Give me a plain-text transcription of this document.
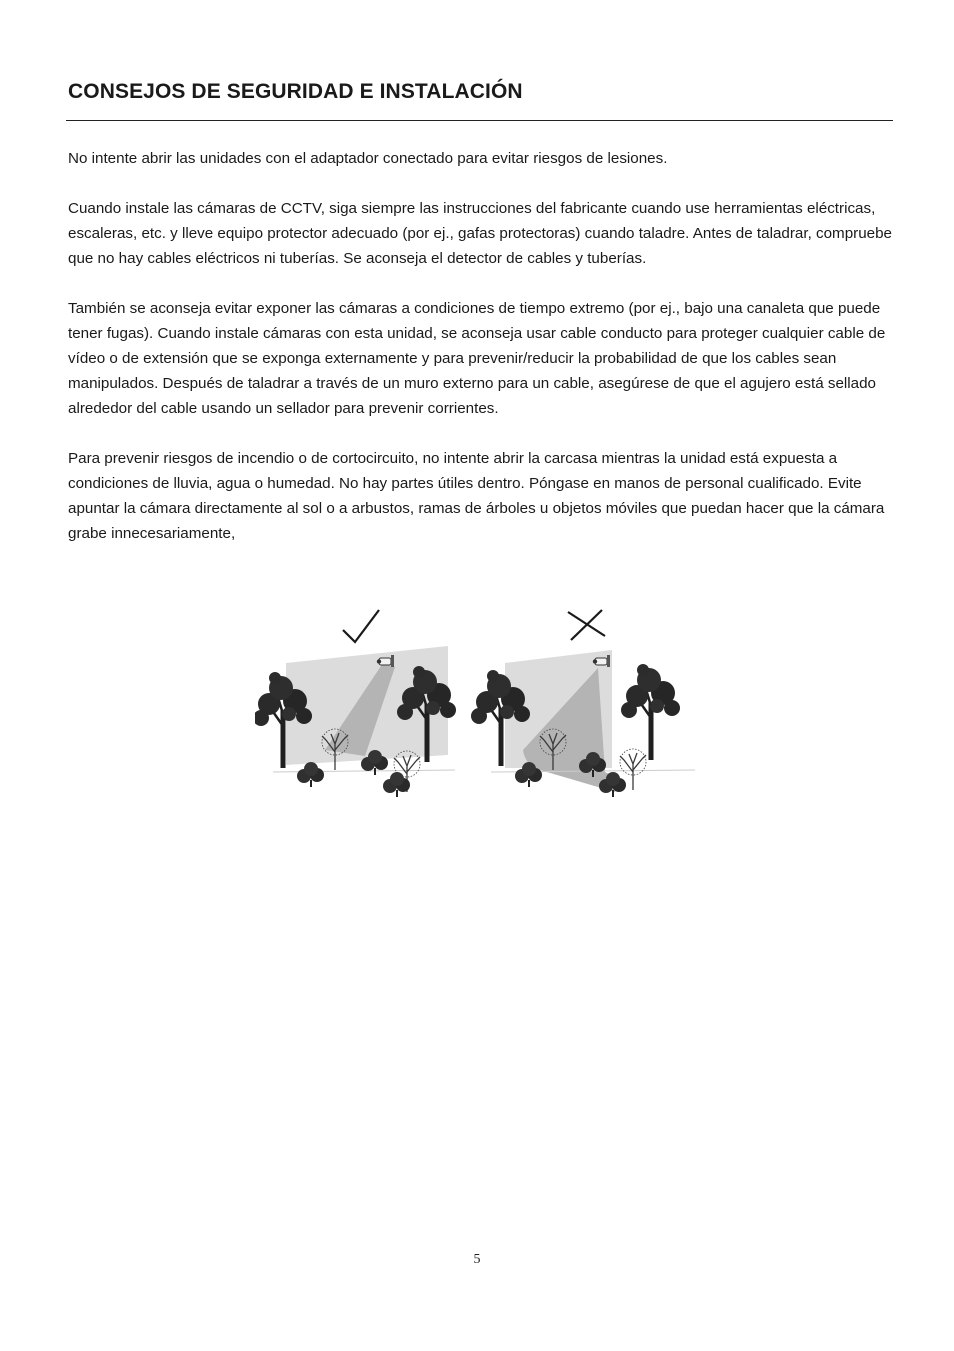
CONSEJOS DE SEGURIDAD E INSTALACIÓN

No intente abrir las unidades con el adaptador conectado para evitar riesgos de lesiones.

Cuando instale las cámaras de CCTV, siga siempre las instrucciones del fabricante cuando use herramientas eléctricas, escaleras, etc. y lleve equipo protector adecuado (por ej., gafas protectoras) cuando taladre. Antes de taladrar, compruebe que no hay cables eléctricos ni tuberías. Se aconseja el detector de cables y tuberías.

También se aconseja evitar exponer las cámaras a condiciones de tiempo extremo (por ej., bajo una canaleta que puede tener fugas). Cuando instale cámaras con esta unidad, se aconseja usar cable conducto para proteger cualquier cable de vídeo o de extensión que se exponga externamente y para prevenir/reducir la probabilidad de que los cables sean manipulados. Después de taladrar a través de un muro externo para un cable, asegúrese de que el agujero está sellado alrededor del cable usando un sellador para prevenir corrientes.

Para prevenir riesgos de incendio o de cortocircuito, no intente abrir la carcasa mientras la unidad está expuesta a condiciones de lluvia, agua o humedad. No hay partes útiles dentro. Póngase en manos de personal cualificado. Evite apuntar la cámara directamente al sol o a arbustos, ramas de árboles u objetos móviles que puedan hacer que la cámara grabe innecesariamente,

5
